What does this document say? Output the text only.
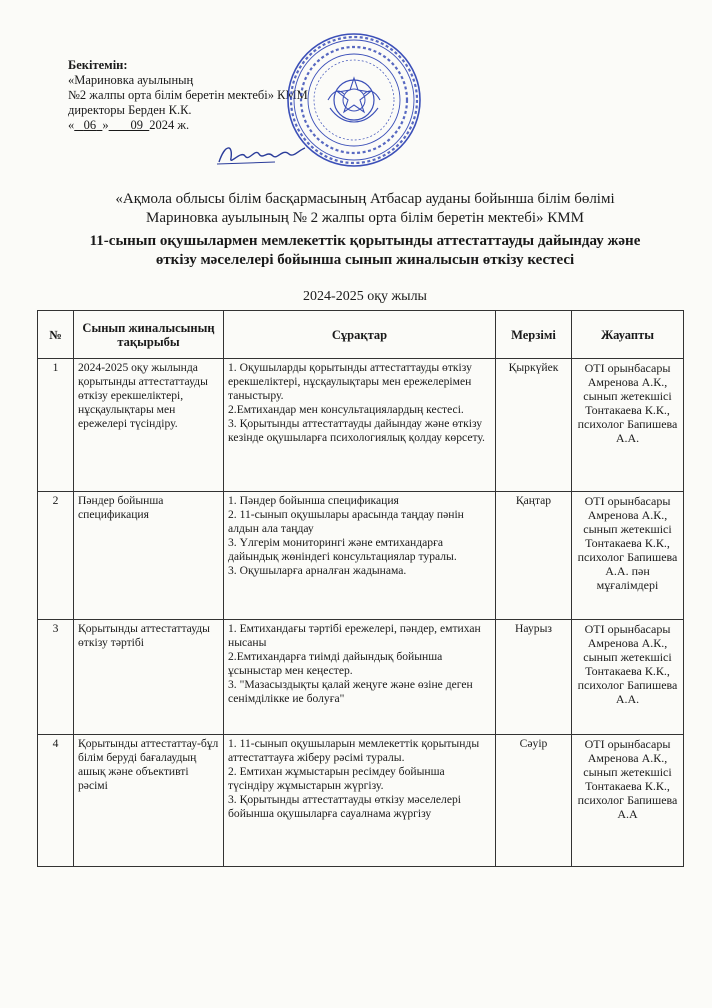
Бекітемін:
«Мариновка ауылының
№2 жалпы орта білім беретін мектебі» КММ
директоры Берден К.К.
« 06 » 09 2024 ж.
«Ақмола облысы білім басқармасының Атбасар ауданы бойынша білім бөлімі
Мариновка ауылының № 2 жалпы орта білім беретін мектебі» КММ
11-сынып оқушылармен мемлекеттік қорытынды аттестаттауды дайындау және
өткізу мәселелері бойынша сынып жиналысын өткізу кестесі
2024-2025 оқу жылы
№	Сынып жиналысының тақырыбы	Сұрақтар	Мерзімі	Жауапты
1	2024-2025 оқу жылында қорытынды аттестаттауды өткізу ерекшеліктері, нұсқаулықтары мен ережелері түсіндіру.	1. Оқушыларды қорытынды аттестаттауды өткізу ерекшеліктері, нұсқаулықтары мен ережелерімен таныстыру.
2.Емтихандар мен консультациялардың кестесі.
3. Қорытынды аттестаттауды дайындау және өткізу кезінде оқушыларға психологиялық қолдау көрсету.	Қыркүйек	ОТІ орынбасары Амренова А.К., сынып жетекшісі Тонтакаева К.К., психолог Бапишева А.А.
2	Пәндер бойынша спецификация	1. Пәндер бойынша спецификация
2. 11-сынып оқушылары арасында таңдау пәнін алдын ала таңдау
3. Үлгерім мониторингі және емтихандарға дайындық жөніндегі консультациялар туралы.
3. Оқушыларға арналған жадынама.	Қаңтар	ОТІ орынбасары Амренова А.К., сынып жетекшісі Тонтакаева К.К., психолог Бапишева А.А. пән мұғалімдері
3	Қорытынды аттестаттауды өткізу тәртібі	1. Емтихандағы тәртібі ережелері, пәндер, емтихан нысаны
2.Емтихандарға тиімді дайындық бойынша ұсыныстар мен кеңестер.
3. "Мазасыздықты қалай жеңуге және өзіне деген сенімділікке ие болуға"	Наурыз	ОТІ орынбасары Амренова А.К., сынып жетекшісі Тонтакаева К.К., психолог Бапишева А.А.
4	Қорытынды аттестаттау-бұл білім беруді бағалаудың ашық және объективті рәсімі	1. 11-сынып оқушыларын мемлекеттік қорытынды аттестаттауға жіберу рәсімі туралы.
2. Емтихан жұмыстарын ресімдеу бойынша түсіндіру жұмыстарын жүргізу.
3. Қорытынды аттестаттауды өткізу мәселелері бойынша оқушыларға сауалнама жүргізу	Сәуір	ОТІ орынбасары Амренова А.К., сынып жетекшісі Тонтакаева К.К., психолог Бапишева А.А
